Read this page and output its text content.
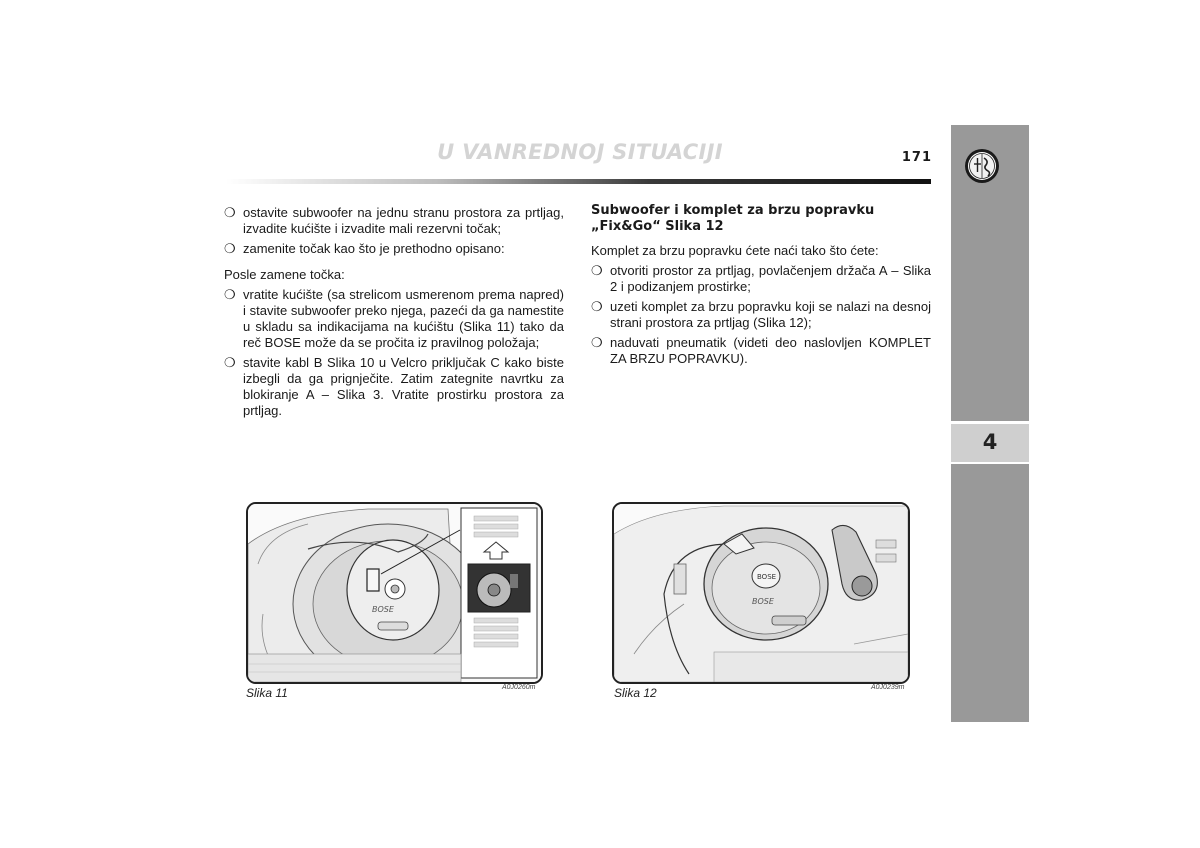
U VANREDNOJ SITUACIJI	171
4
❍ ostavite subwoofer na jednu stranu prostora za prtljag, izvadite kućište i izvadite mali rezervni točak;
❍ zamenite točak kao što je prethodno opisano:
Posle zamene točka:
❍ vratite kućište (sa strelicom usmerenom prema napred) i stavite subwoofer preko njega, pazeći da ga namestite u skladu sa indikacijama na kućištu (Slika 11) tako da reč BOSE može da se pročita iz pravilnog položaja;
❍ stavite kabl B Slika 10 u Velcro priključak C kako biste izbegli da ga prignječite. Zatim zategnite navrtku za blokiranje A – Slika 3. Vratite prostirku prostora za prtljag.
Subwoofer i komplet za brzu popravku „Fix&Go“ Slika 12
Komplet za brzu popravku ćete naći tako što ćete:
❍ otvoriti prostor za prtljag, povlačenjem držača A – Slika 2 i podizanjem prostirke;
❍ uzeti komplet za brzu popravku koji se nalazi na desnoj strani prostora za prtljag (Slika 12);
❍ naduvati pneumatik (videti deo naslovljen KOMPLET ZA BRZU POPRAVKU).
BOSE
Slika 11	A0J0260m
BOSE
BOSE
Slika 12	A0J0239m
